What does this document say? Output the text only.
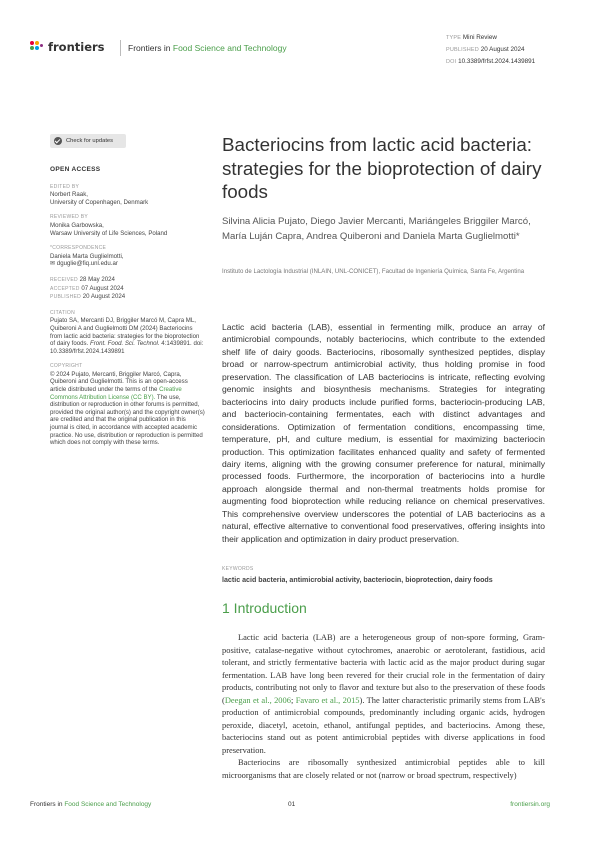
frontiers	Frontiers in Food Science and Technology
TYPE Mini Review
PUBLISHED 20 August 2024
DOI 10.3389/frfst.2024.1439891
Check for updates
OPEN ACCESS
EDITED BY
Norbert Raak,
University of Copenhagen, Denmark
REVIEWED BY
Monika Garbowska,
Warsaw University of Life Sciences, Poland
*CORRESPONDENCE
Daniela Marta Guglielmotti,
✉ dguglie@fiq.unl.edu.ar
RECEIVED 28 May 2024
ACCEPTED 07 August 2024
PUBLISHED 20 August 2024
CITATION
Pujato SA, Mercanti DJ, Briggiler Marcó M, Capra ML, Quiberoni A and Guglielmotti DM (2024) Bacteriocins from lactic acid bacteria: strategies for the bioprotection of dairy foods. Front. Food. Sci. Technol. 4:1439891. doi: 10.3389/frfst.2024.1439891
COPYRIGHT
© 2024 Pujato, Mercanti, Briggiler Marcó, Capra, Quiberoni and Guglielmotti. This is an open-access article distributed under the terms of the Creative Commons Attribution License (CC BY). The use, distribution or reproduction in other forums is permitted, provided the original author(s) and the copyright owner(s) are credited and that the original publication in this journal is cited, in accordance with accepted academic practice. No use, distribution or reproduction is permitted which does not comply with these terms.
Bacteriocins from lactic acid bacteria: strategies for the bioprotection of dairy foods
Silvina Alicia Pujato, Diego Javier Mercanti, Mariángeles Briggiler Marcó, María Luján Capra, Andrea Quiberoni and Daniela Marta Guglielmotti*
Instituto de Lactología Industrial (INLAIN, UNL-CONICET), Facultad de Ingeniería Química, Santa Fe, Argentina
Lactic acid bacteria (LAB), essential in fermenting milk, produce an array of antimicrobial compounds, notably bacteriocins, which contribute to the extended shelf life of dairy goods. Bacteriocins, ribosomally synthesized peptides, display broad or narrow-spectrum antimicrobial activity, thus holding promise in food preservation. The classification of LAB bacteriocins is intricate, reflecting evolving genomic insights and biosynthesis mechanisms. Strategies for integrating bacteriocins into dairy products include purified forms, bacteriocin-producing LAB, and bacteriocin-containing fermentates, each with distinct advantages and considerations. Optimization of fermentation conditions, encompassing time, temperature, pH, and culture medium, is essential for maximizing bacteriocin production. This optimization facilitates enhanced quality and safety of fermented dairy items, aligning with the growing consumer preference for natural, minimally processed foods. Furthermore, the incorporation of bacteriocins into a hurdle approach alongside thermal and non-thermal treatments holds promise for augmenting food bioprotection while reducing reliance on chemical preservatives. This comprehensive overview underscores the potential of LAB bacteriocins as a natural, effective alternative to conventional food preservatives, offering insights into their application and optimization in dairy product preservation.
KEYWORDS
lactic acid bacteria, antimicrobial activity, bacteriocin, bioprotection, dairy foods
1 Introduction

Lactic acid bacteria (LAB) are a heterogeneous group of non-spore forming, Gram-positive, catalase-negative without cytochromes, anaerobic or aerotolerant, fastidious, acid tolerant, and strictly fermentative bacteria with lactic acid as the major product during sugar fermentation. LAB have long been revered for their crucial role in the fermentation of dairy products, contributing not only to flavor and texture but also to the preservation of these foods (Deegan et al., 2006; Favaro et al., 2015). The latter characteristic primarily stems from LAB's production of antimicrobial compounds, predominantly including organic acids, hydrogen peroxide, diacetyl, acetoin, ethanol, antifungal peptides, and bacteriocins. Among these, bacteriocins stand out as potent antimicrobial peptides with diverse applications in food preservation.

Bacteriocins are ribosomally synthesized antimicrobial peptides able to kill microorganisms that are closely related or not (narrow or broad spectrum, respectively)

Frontiers in Food Science and Technology	01	frontiersin.org
